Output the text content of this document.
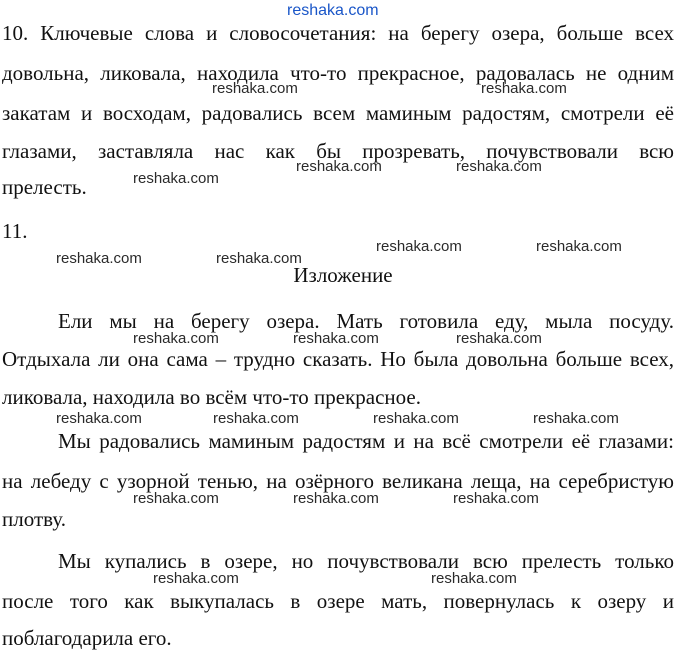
reshaka.com
10. Ключевые слова и словосочетания: на берегу озера, больше всех
довольна, ликовала, находила что-то прекрасное, радовалась не одним
закатам и восходам, радовались всем маминым радостям, смотрели её
глазами, заставляла нас как бы прозревать, почувствовали всю
прелесть.
11.
Изложение
Ели мы на берегу озера. Мать готовила еду, мыла посуду.
Отдыхала ли она сама – трудно сказать. Но была довольна больше всех,
ликовала, находила во всём что-то прекрасное.
Мы радовались маминым радостям и на всё смотрели её глазами:
на лебеду с узорной тенью, на озёрного великана леща, на серебристую
плотву.
Мы купались в озере, но почувствовали всю прелесть только
после того как выкупалась в озере мать, повернулась к озеру и
поблагодарила его.
reshaka.com	reshaka.com
reshaka.com	reshaka.com
reshaka.com
reshaka.com	reshaka.com
reshaka.com	reshaka.com
reshaka.com	reshaka.com	reshaka.com
reshaka.com	reshaka.com	reshaka.com	reshaka.com
reshaka.com	reshaka.com	reshaka.com
reshaka.com	reshaka.com
